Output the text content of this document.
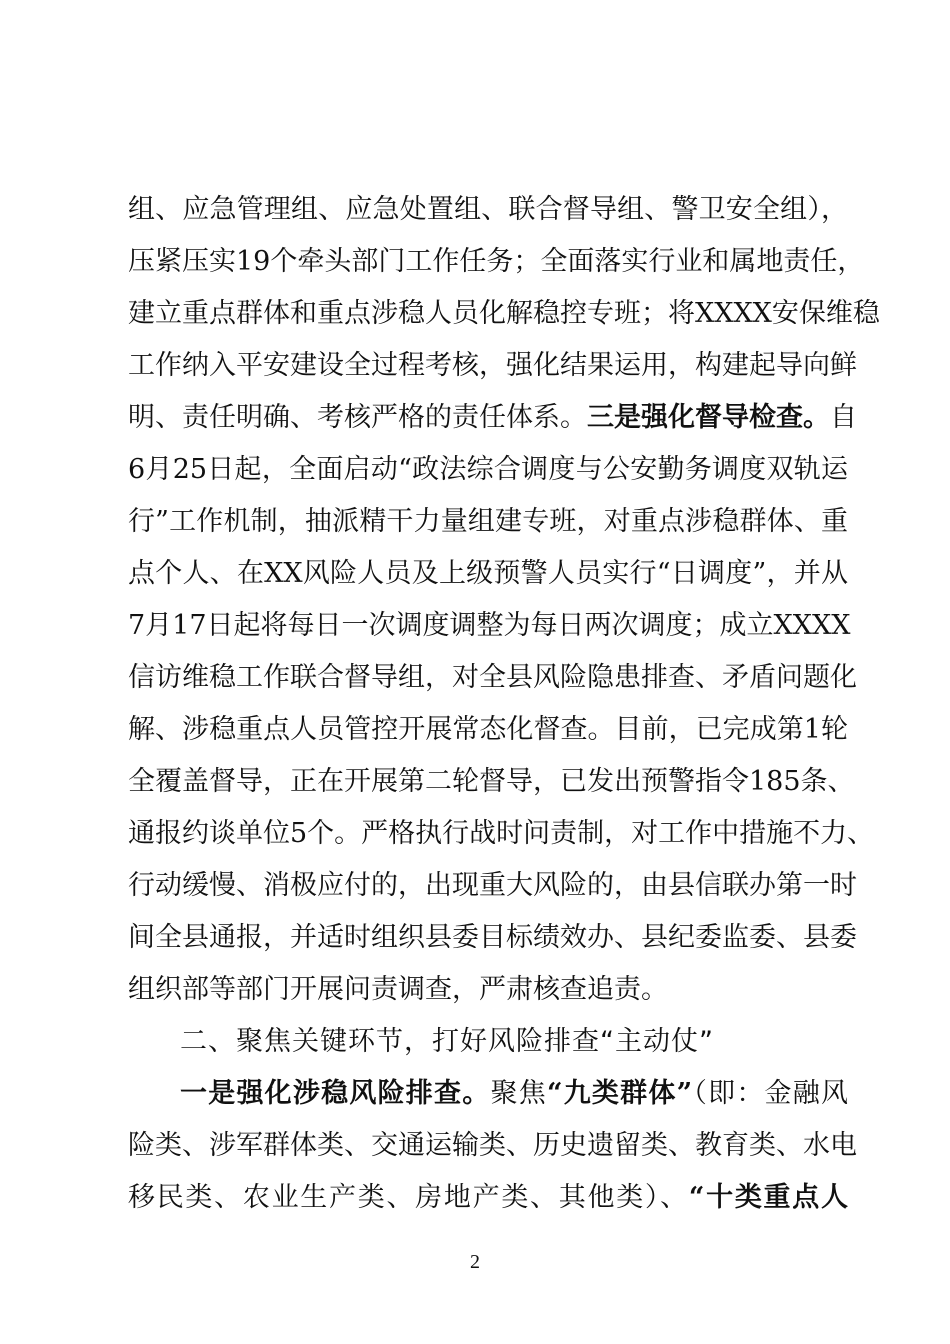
组、应急管理组、应急处置组、联合督导组、警卫安全组），
压紧压实19个牵头部门工作任务；全面落实行业和属地责任，
建立重点群体和重点涉稳人员化解稳控专班；将XXXX安保维稳
工作纳入平安建设全过程考核，强化结果运用，构建起导向鲜
明、责任明确、考核严格的责任体系。三是强化督导检查。自
6月25日起，全面启动“政法综合调度与公安勤务调度双轨运
行”工作机制，抽派精干力量组建专班，对重点涉稳群体、重
点个人、在XX风险人员及上级预警人员实行“日调度”，并从
7月17日起将每日一次调度调整为每日两次调度；成立XXXX
信访维稳工作联合督导组，对全县风险隐患排查、矛盾问题化
解、涉稳重点人员管控开展常态化督查。目前，已完成第1轮
全覆盖督导，正在开展第二轮督导，已发出预警指令185条、
通报约谈单位5个。严格执行战时问责制，对工作中措施不力、
行动缓慢、消极应付的，出现重大风险的，由县信联办第一时
间全县通报，并适时组织县委目标绩效办、县纪委监委、县委
组织部等部门开展问责调查，严肃核查追责。
二、聚焦关键环节，打好风险排查“主动仗”
一是强化涉稳风险排查。聚焦“九类群体”（即：金融风
险类、涉军群体类、交通运输类、历史遗留类、教育类、水电
移民类、农业生产类、房地产类、其他类）、“十类重点人
2
